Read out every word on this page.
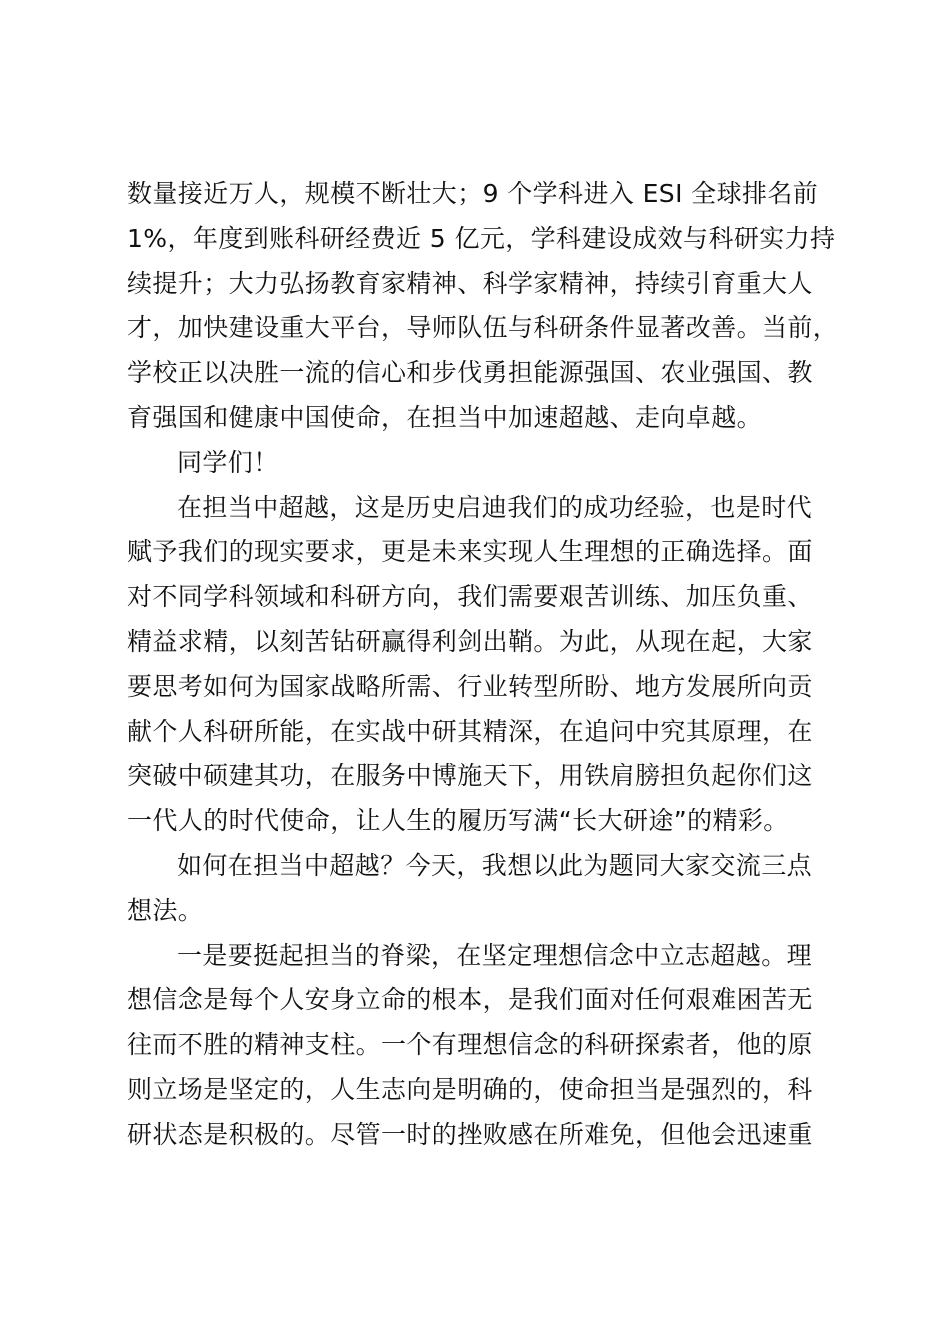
数量接近万人，规模不断壮大；9 个学科进入 ESI 全球排名前
1%，年度到账科研经费近 5 亿元，学科建设成效与科研实力持
续提升；大力弘扬教育家精神、科学家精神，持续引育重大人
才，加快建设重大平台，导师队伍与科研条件显著改善。当前，
学校正以决胜一流的信心和步伐勇担能源强国、农业强国、教
育强国和健康中国使命，在担当中加速超越、走向卓越。
同学们！
在担当中超越，这是历史启迪我们的成功经验，也是时代
赋予我们的现实要求，更是未来实现人生理想的正确选择。面
对不同学科领域和科研方向，我们需要艰苦训练、加压负重、
精益求精，以刻苦钻研赢得利剑出鞘。为此，从现在起，大家
要思考如何为国家战略所需、行业转型所盼、地方发展所向贡
献个人科研所能，在实战中研其精深，在追问中究其原理，在
突破中硕建其功，在服务中博施天下，用铁肩膀担负起你们这
一代人的时代使命，让人生的履历写满“长大研途”的精彩。
如何在担当中超越？今天，我想以此为题同大家交流三点
想法。
一是要挺起担当的脊梁，在坚定理想信念中立志超越。理
想信念是每个人安身立命的根本，是我们面对任何艰难困苦无
往而不胜的精神支柱。一个有理想信念的科研探索者，他的原
则立场是坚定的，人生志向是明确的，使命担当是强烈的，科
研状态是积极的。尽管一时的挫败感在所难免，但他会迅速重
